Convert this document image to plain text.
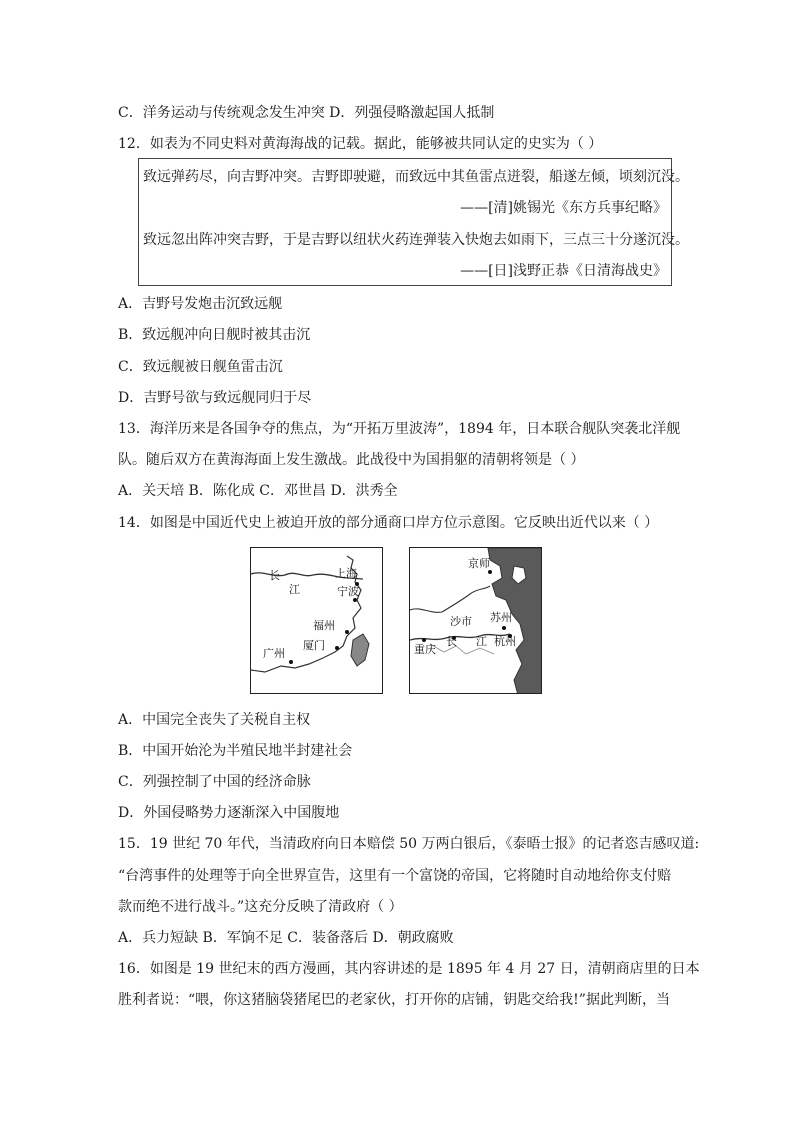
C．洋务运动与传统观念发生冲突 D．列强侵略激起国人抵制
12．如表为不同史料对黄海海战的记载。据此，能够被共同认定的史实为（ ）
致远弹药尽，向吉野冲突。吉野即驶避，而致远中其鱼雷点迸裂，船遂左倾，顷刻沉没。
——[清]姚锡光《东方兵事纪略》
致远忽出阵冲突吉野，于是吉野以纽状火药连弹装入快炮去如雨下，三点三十分遂沉没。
——[日]浅野正恭《日清海战史》
A．吉野号发炮击沉致远舰
B．致远舰冲向日舰时被其击沉
C．致远舰被日舰鱼雷击沉
D．吉野号欲与致远舰同归于尽
13．海洋历来是各国争夺的焦点，为“开拓万里波涛”，1894 年，日本联合舰队突袭北洋舰
队。随后双方在黄海海面上发生激战。此战役中为国捐躯的清朝将领是（ ）
A．关天培 B．陈化成 C．邓世昌 D．洪秀全
14．如图是中国近代史上被迫开放的部分通商口岸方位示意图。它反映出近代以来（ ）
长
江
上海
宁波
福州
厦门
广州
京师
苏州
沙市
长 江 杭州
重庆
A．中国完全丧失了关税自主权
B．中国开始沦为半殖民地半封建社会
C．列强控制了中国的经济命脉
D．外国侵略势力逐渐深入中国腹地
15．19 世纪 70 年代，当清政府向日本赔偿 50 万两白银后，《泰晤士报》的记者恣吉感叹道:
“台湾事件的处理等于向全世界宣告，这里有一个富饶的帝国，它将随时自动地给你支付赔
款而绝不进行战斗。”这充分反映了清政府（ ）
A．兵力短缺 B．军饷不足 C．装备落后 D．朝政腐败
16．如图是 19 世纪末的西方漫画，其内容讲述的是 1895 年 4 月 27 日，清朝商店里的日本
胜利者说：“喂，你这猪脑袋猪尾巴的老家伙，打开你的店铺，钥匙交给我!”据此判断，当
